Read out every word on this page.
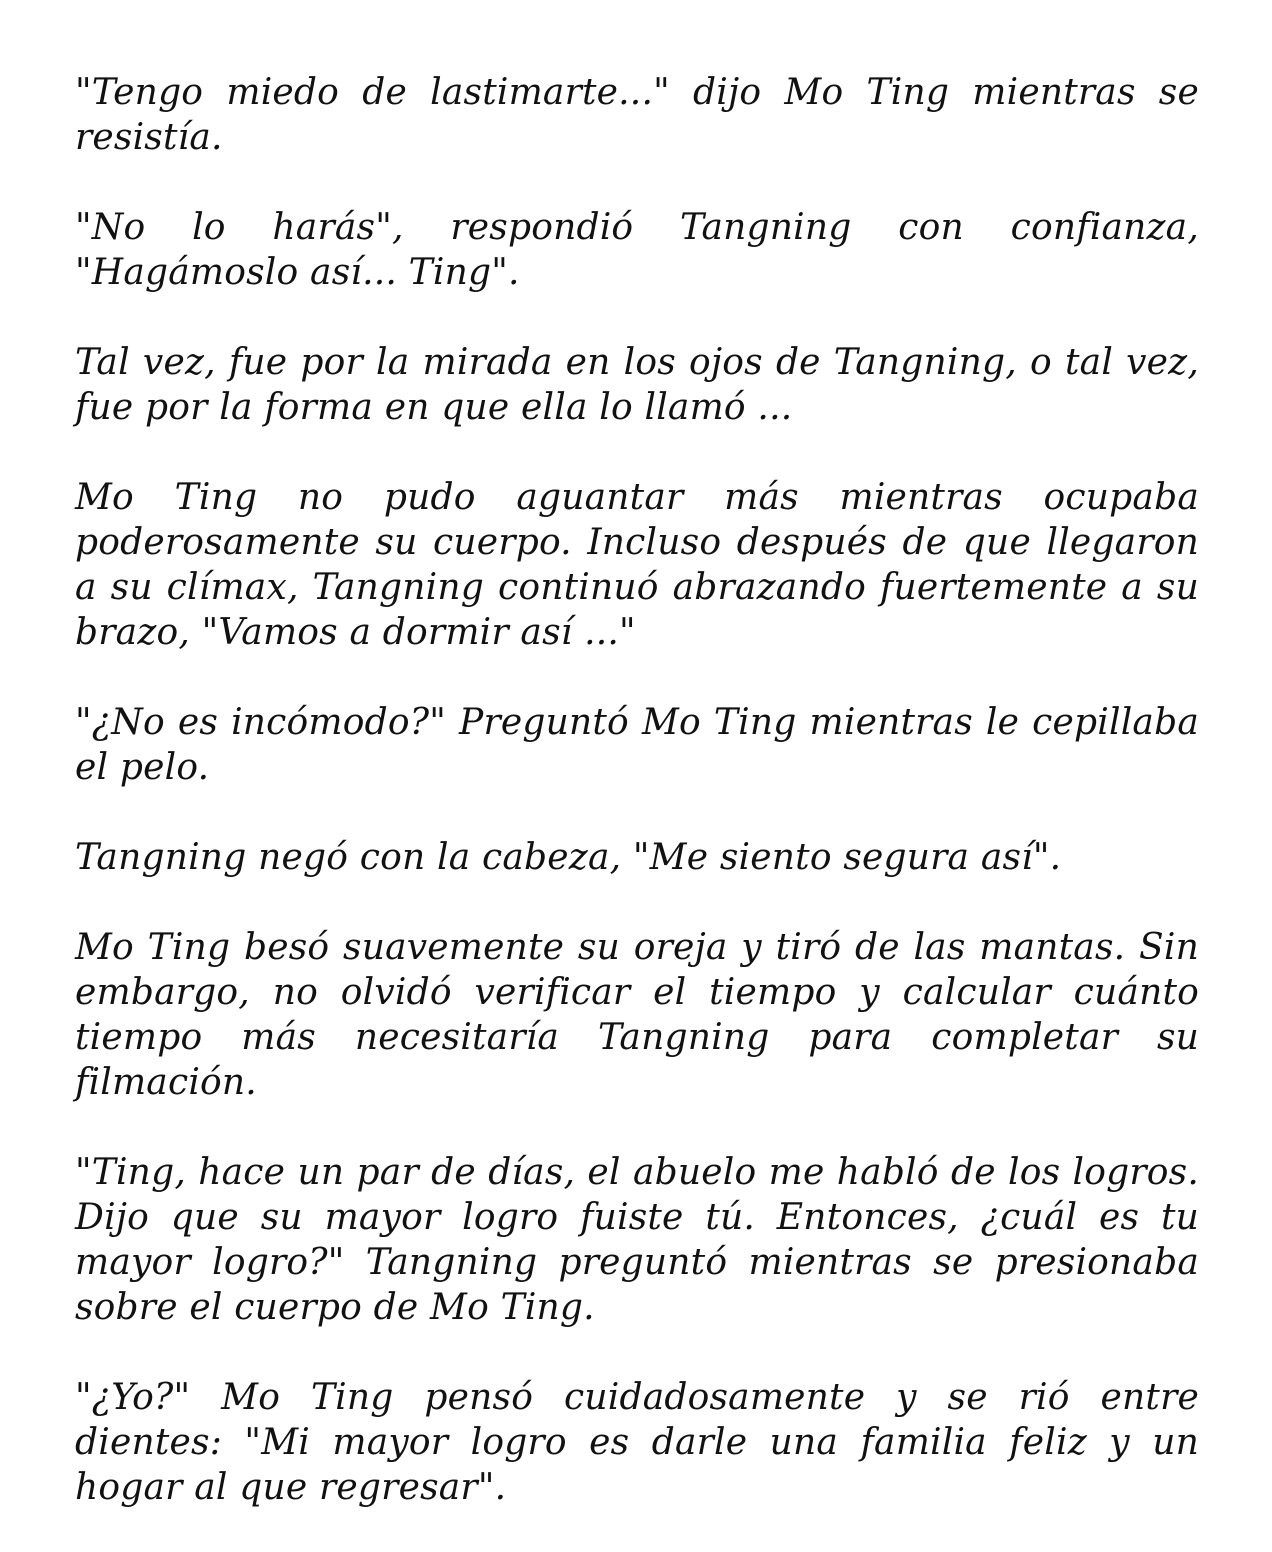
"Tengo miedo de lastimarte..." dijo Mo Ting mientras se resistía.

"No lo harás", respondió Tangning con confianza, "Hagámoslo así... Ting".

Tal vez, fue por la mirada en los ojos de Tangning, o tal vez, fue por la forma en que ella lo llamó ...

Mo Ting no pudo aguantar más mientras ocupaba poderosamente su cuerpo. Incluso después de que llegaron a su clímax, Tangning continuó abrazando fuertemente a su brazo, "Vamos a dormir así ..."

"¿No es incómodo?" Preguntó Mo Ting mientras le cepillaba el pelo.

Tangning negó con la cabeza, "Me siento segura así".

Mo Ting besó suavemente su oreja y tiró de las mantas. Sin embargo, no olvidó verificar el tiempo y calcular cuánto tiempo más necesitaría Tangning para completar su filmación.

"Ting, hace un par de días, el abuelo me habló de los logros. Dijo que su mayor logro fuiste tú. Entonces, ¿cuál es tu mayor logro?" Tangning preguntó mientras se presionaba sobre el cuerpo de Mo Ting.

"¿Yo?" Mo Ting pensó cuidadosamente y se rió entre dientes: "Mi mayor logro es darle una familia feliz y un hogar al que regresar".
